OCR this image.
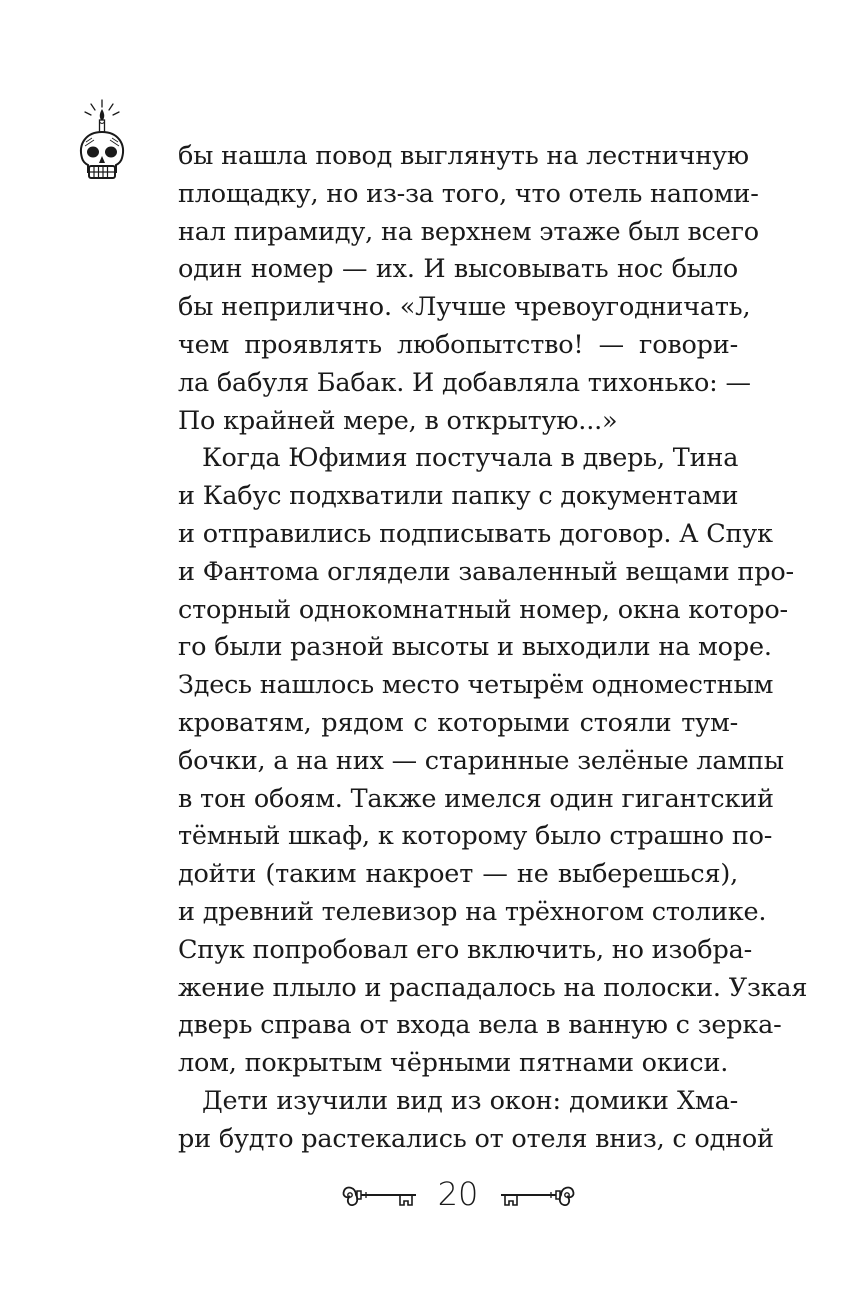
бы нашла повод выглянуть на лестничную
площадку, но из-за того, что отель напоми-
нал пирамиду, на верхнем этаже был всего
один номер — их. И высовывать нос было
бы неприлично. «Лучше чревоугодничать,
чем проявлять любопытство! — говори-
ла бабуля Бабак. И добавляла тихонько: —
По крайней мере, в открытую...»
Когда Юфимия постучала в дверь, Тина
и Кабус подхватили папку с документами
и отправились подписывать договор. А Спук
и Фантома оглядели заваленный вещами про-
сторный однокомнатный номер, окна которо-
го были разной высоты и выходили на море.
Здесь нашлось место четырём одноместным
кроватям, рядом с которыми стояли тум-
бочки, а на них — старинные зелёные лампы
в тон обоям. Также имелся один гигантский
тёмный шкаф, к которому было страшно по-
дойти (таким накроет — не выберешься),
и древний телевизор на трёхногом столике.
Спук попробовал его включить, но изобра-
жение плыло и распадалось на полоски. Узкая
дверь справа от входа вела в ванную с зерка-
лом, покрытым чёрными пятнами окиси.
Дети изучили вид из окон: домики Хма-
ри будто растекались от отеля вниз, с одной
20
